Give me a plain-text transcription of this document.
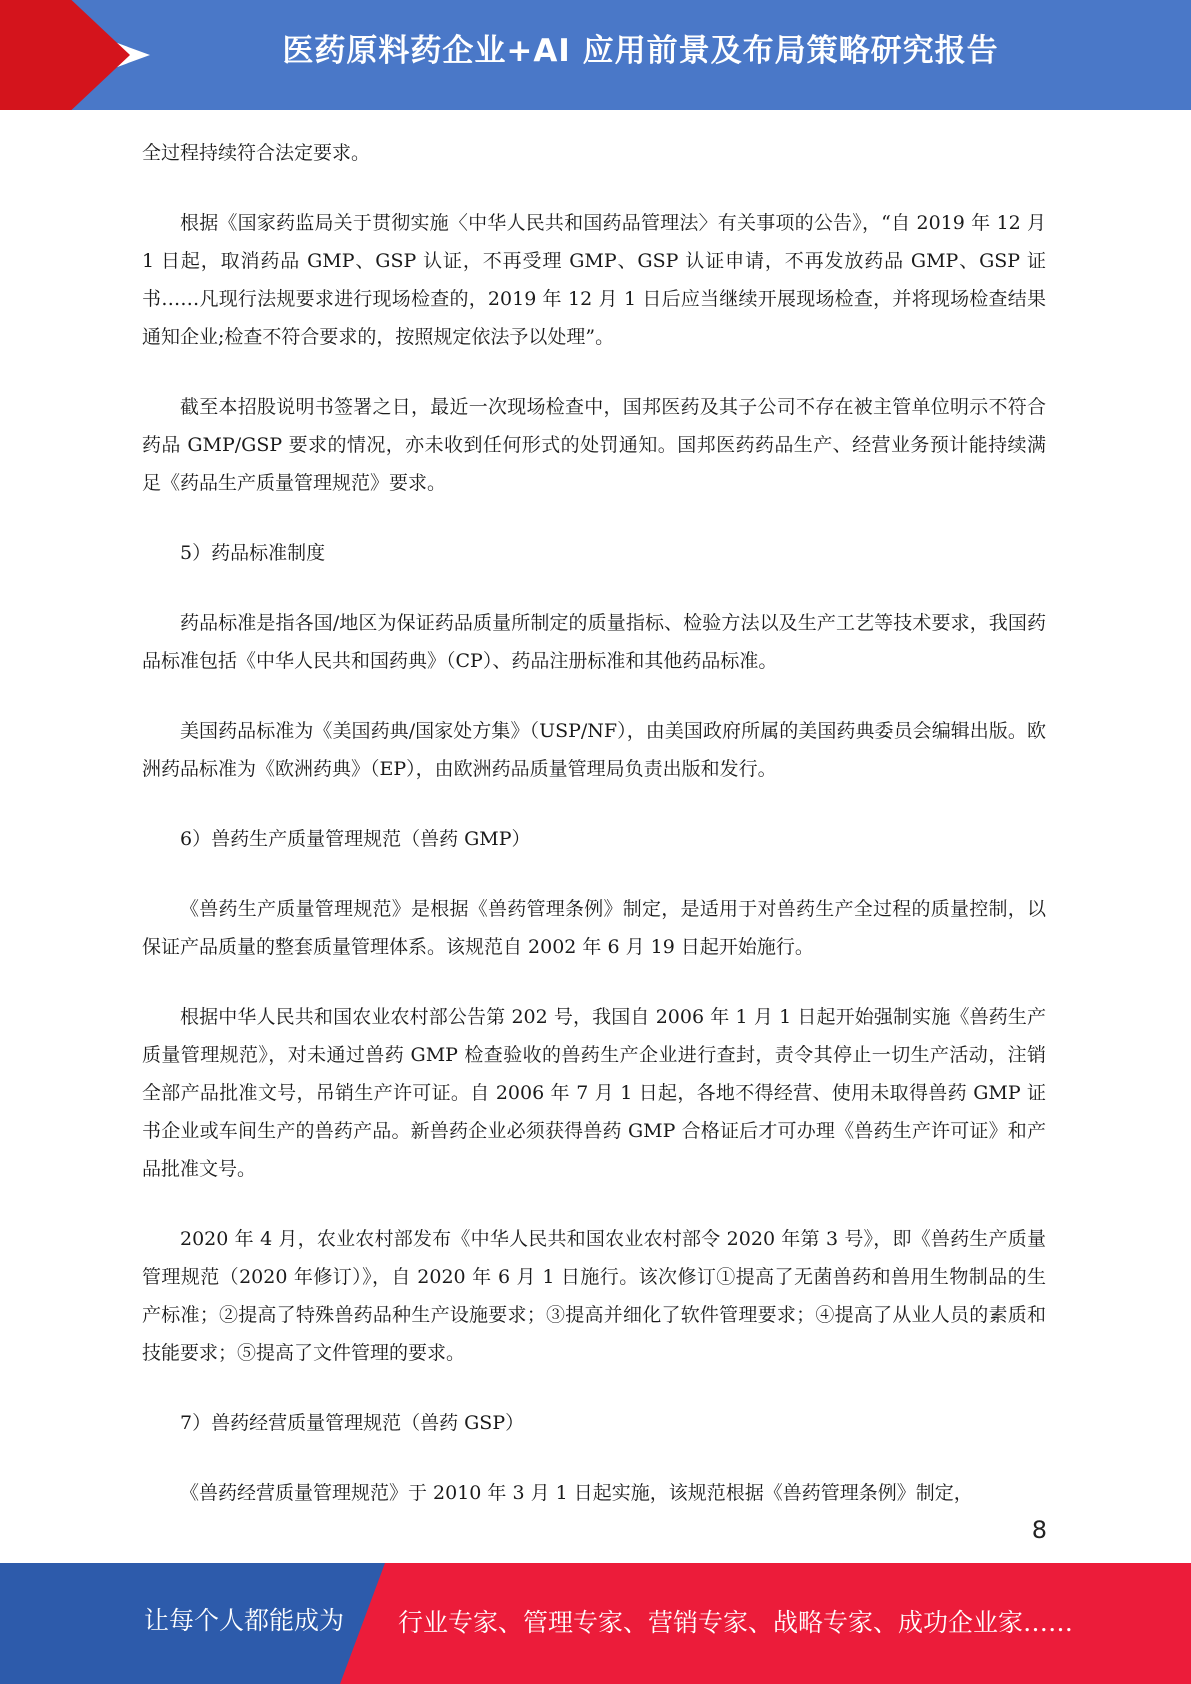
医药原料药企业+AI 应用前景及布局策略研究报告

全过程持续符合法定要求。

根据《国家药监局关于贯彻实施〈中华人民共和国药品管理法〉有关事项的公告》，“自 2019 年 12 月 1 日起，取消药品 GMP、GSP 认证，不再受理 GMP、GSP 认证申请，不再发放药品 GMP、GSP 证书……凡现行法规要求进行现场检查的，2019 年 12 月 1 日后应当继续开展现场检查，并将现场检查结果通知企业;检查不符合要求的，按照规定依法予以处理”。

截至本招股说明书签署之日，最近一次现场检查中，国邦医药及其子公司不存在被主管单位明示不符合药品 GMP/GSP 要求的情况，亦未收到任何形式的处罚通知。国邦医药药品生产、经营业务预计能持续满足《药品生产质量管理规范》要求。

5）药品标准制度

药品标准是指各国/地区为保证药品质量所制定的质量指标、检验方法以及生产工艺等技术要求，我国药品标准包括《中华人民共和国药典》（CP）、药品注册标准和其他药品标准。

美国药品标准为《美国药典/国家处方集》（USP/NF），由美国政府所属的美国药典委员会编辑出版。欧洲药品标准为《欧洲药典》（EP），由欧洲药品质量管理局负责出版和发行。

6）兽药生产质量管理规范（兽药 GMP）

《兽药生产质量管理规范》是根据《兽药管理条例》制定，是适用于对兽药生产全过程的质量控制，以保证产品质量的整套质量管理体系。该规范自 2002 年 6 月 19 日起开始施行。

根据中华人民共和国农业农村部公告第 202 号，我国自 2006 年 1 月 1 日起开始强制实施《兽药生产质量管理规范》，对未通过兽药 GMP 检查验收的兽药生产企业进行查封，责令其停止一切生产活动，注销全部产品批准文号，吊销生产许可证。自 2006 年 7 月 1 日起，各地不得经营、使用未取得兽药 GMP 证书企业或车间生产的兽药产品。新兽药企业必须获得兽药 GMP 合格证后才可办理《兽药生产许可证》和产品批准文号。

2020 年 4 月，农业农村部发布《中华人民共和国农业农村部令 2020 年第 3 号》，即《兽药生产质量管理规范（2020 年修订）》，自 2020 年 6 月 1 日施行。该次修订①提高了无菌兽药和兽用生物制品的生产标准；②提高了特殊兽药品种生产设施要求；③提高并细化了软件管理要求；④提高了从业人员的素质和技能要求；⑤提高了文件管理的要求。

7）兽药经营质量管理规范（兽药 GSP）

《兽药经营质量管理规范》于 2010 年 3 月 1 日起实施，该规范根据《兽药管理条例》制定，

8
让每个人都能成为 行业专家、管理专家、营销专家、战略专家、成功企业家……
